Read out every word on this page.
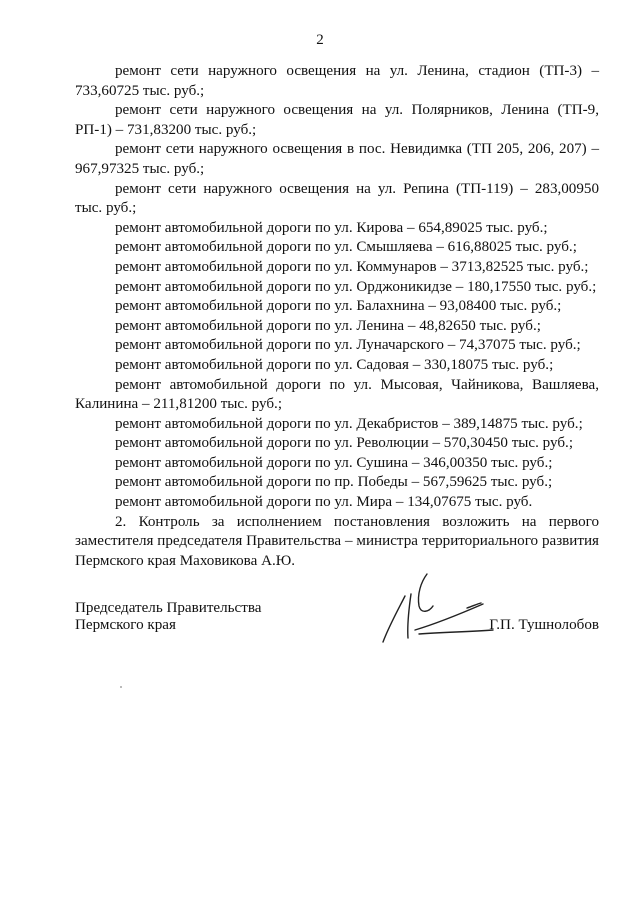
2

ремонт сети наружного освещения на ул. Ленина, стадион (ТП-3) – 733,60725 тыс. руб.;

ремонт сети наружного освещения на ул. Полярников, Ленина (ТП-9, РП-1) – 731,83200 тыс. руб.;

ремонт сети наружного освещения в пос. Невидимка (ТП 205, 206, 207) – 967,97325 тыс. руб.;

ремонт сети наружного освещения на ул. Репина (ТП-119) – 283,00950 тыс. руб.;

ремонт автомобильной дороги по ул. Кирова – 654,89025 тыс. руб.;

ремонт автомобильной дороги по ул. Смышляева – 616,88025 тыс. руб.;

ремонт автомобильной дороги по ул. Коммунаров – 3713,82525 тыс. руб.;

ремонт автомобильной дороги по ул. Орджоникидзе – 180,17550 тыс. руб.;

ремонт автомобильной дороги по ул. Балахнина – 93,08400 тыс. руб.;

ремонт автомобильной дороги по ул. Ленина – 48,82650 тыс. руб.;

ремонт автомобильной дороги по ул. Луначарского – 74,37075 тыс. руб.;

ремонт автомобильной дороги по ул. Садовая – 330,18075 тыс. руб.;

ремонт автомобильной дороги по ул. Мысовая, Чайникова, Вашляева, Калинина – 211,81200 тыс. руб.;

ремонт автомобильной дороги по ул. Декабристов – 389,14875 тыс. руб.;

ремонт автомобильной дороги по ул. Революции – 570,30450 тыс. руб.;

ремонт автомобильной дороги по ул. Сушина – 346,00350 тыс. руб.;

ремонт автомобильной дороги по пр. Победы – 567,59625 тыс. руб.;

ремонт автомобильной дороги по ул. Мира – 134,07675 тыс. руб.

2. Контроль за исполнением постановления возложить на первого заместителя председателя Правительства – министра территориального развития Пермского края Маховикова А.Ю.

Председатель Правительства
Пермского края	Г.П. Тушнолобов
